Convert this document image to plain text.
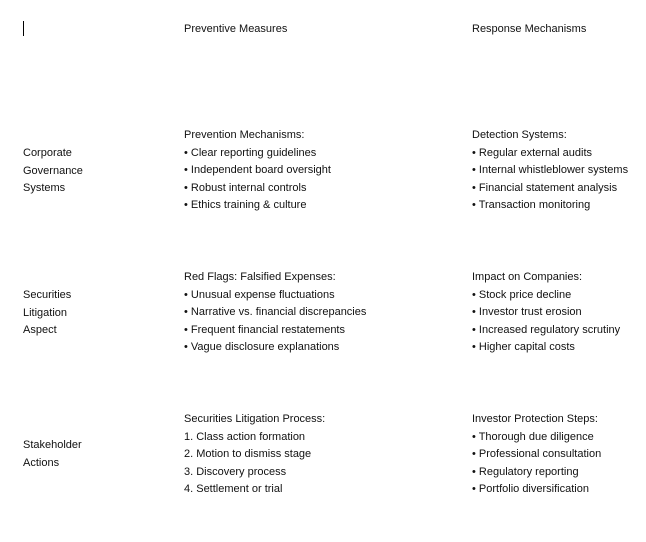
Preventive Measures	Response Mechanisms
Corporate
Governance
Systems
Prevention Mechanisms:
• Clear reporting guidelines
• Independent board oversight
• Robust internal controls
• Ethics training & culture
Detection Systems:
• Regular external audits
• Internal whistleblower systems
• Financial statement analysis
• Transaction monitoring
Securities
Litigation
Aspect
Red Flags: Falsified Expenses:
• Unusual expense fluctuations
• Narrative vs. financial discrepancies
• Frequent financial restatements
• Vague disclosure explanations
Impact on Companies:
• Stock price decline
• Investor trust erosion
• Increased regulatory scrutiny
• Higher capital costs
Stakeholder
Actions
Securities Litigation Process:
1. Class action formation
2. Motion to dismiss stage
3. Discovery process
4. Settlement or trial
Investor Protection Steps:
• Thorough due diligence
• Professional consultation
• Regulatory reporting
• Portfolio diversification
